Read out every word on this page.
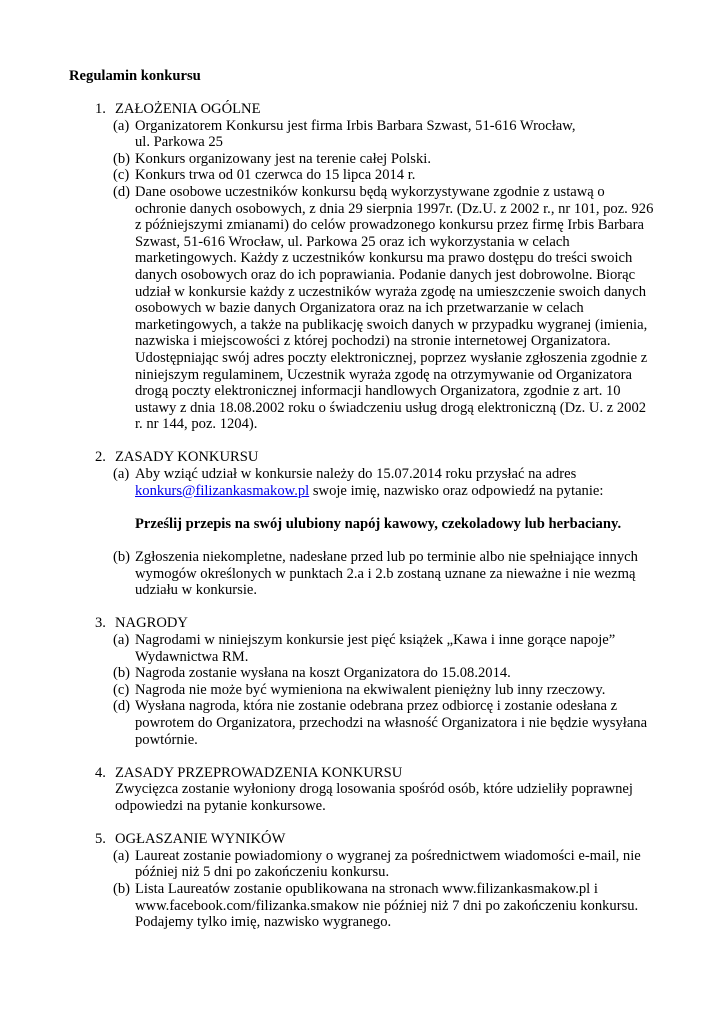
Regulamin konkursu
1. ZAŁOŻENIA OGÓLNE
(a) Organizatorem Konkursu jest firma Irbis Barbara Szwast, 51-616 Wrocław,
ul. Parkowa 25
(b) Konkurs organizowany jest na terenie całej Polski.
(c) Konkurs trwa od 01 czerwca do 15 lipca 2014 r.
(d) Dane osobowe uczestników konkursu będą wykorzystywane zgodnie z ustawą o
ochronie danych osobowych, z dnia 29 sierpnia 1997r. (Dz.U. z 2002 r., nr 101, poz. 926
z późniejszymi zmianami) do celów prowadzonego konkursu przez firmę Irbis Barbara
Szwast, 51-616 Wrocław, ul. Parkowa 25 oraz ich wykorzystania w celach
marketingowych. Każdy z uczestników konkursu ma prawo dostępu do treści swoich
danych osobowych oraz do ich poprawiania. Podanie danych jest dobrowolne. Biorąc
udział w konkursie każdy z uczestników wyraża zgodę na umieszczenie swoich danych
osobowych w bazie danych Organizatora oraz na ich przetwarzanie w celach
marketingowych, a także na publikację swoich danych w przypadku wygranej (imienia,
nazwiska i miejscowości z której pochodzi) na stronie internetowej Organizatora.
Udostępniając swój adres poczty elektronicznej, poprzez wysłanie zgłoszenia zgodnie z
niniejszym regulaminem, Uczestnik wyraża zgodę na otrzymywanie od Organizatora
drogą poczty elektronicznej informacji handlowych Organizatora, zgodnie z art. 10
ustawy z dnia 18.08.2002 roku o świadczeniu usług drogą elektroniczną (Dz. U. z 2002
r. nr 144, poz. 1204).
2. ZASADY KONKURSU
(a) Aby wziąć udział w konkursie należy do 15.07.2014 roku przysłać na adres
konkurs@filizankasmakow.pl swoje imię, nazwisko oraz odpowiedź na pytanie:
Prześlij przepis na swój ulubiony napój kawowy, czekoladowy lub herbaciany.
(b) Zgłoszenia niekompletne, nadesłane przed lub po terminie albo nie spełniające innych
wymogów określonych w punktach 2.a i 2.b zostaną uznane za nieważne i nie wezmą
udziału w konkursie.
3. NAGRODY
(a) Nagrodami w niniejszym konkursie jest pięć książek „Kawa i inne gorące napoje”
Wydawnictwa RM.
(b) Nagroda zostanie wysłana na koszt Organizatora do 15.08.2014.
(c) Nagroda nie może być wymieniona na ekwiwalent pieniężny lub inny rzeczowy.
(d) Wysłana nagroda, która nie zostanie odebrana przez odbiorcę i zostanie odesłana z
powrotem do Organizatora, przechodzi na własność Organizatora i nie będzie wysyłana
powtórnie.
4. ZASADY PRZEPROWADZENIA KONKURSU
Zwycięzca zostanie wyłoniony drogą losowania spośród osób, które udzieliły poprawnej
odpowiedzi na pytanie konkursowe.
5. OGŁASZANIE WYNIKÓW
(a) Laureat zostanie powiadomiony o wygranej za pośrednictwem wiadomości e-mail, nie
później niż 5 dni po zakończeniu konkursu.
(b) Lista Laureatów zostanie opublikowana na stronach www.filizankasmakow.pl i
www.facebook.com/filizanka.smakow nie później niż 7 dni po zakończeniu konkursu.
Podajemy tylko imię, nazwisko wygranego.
